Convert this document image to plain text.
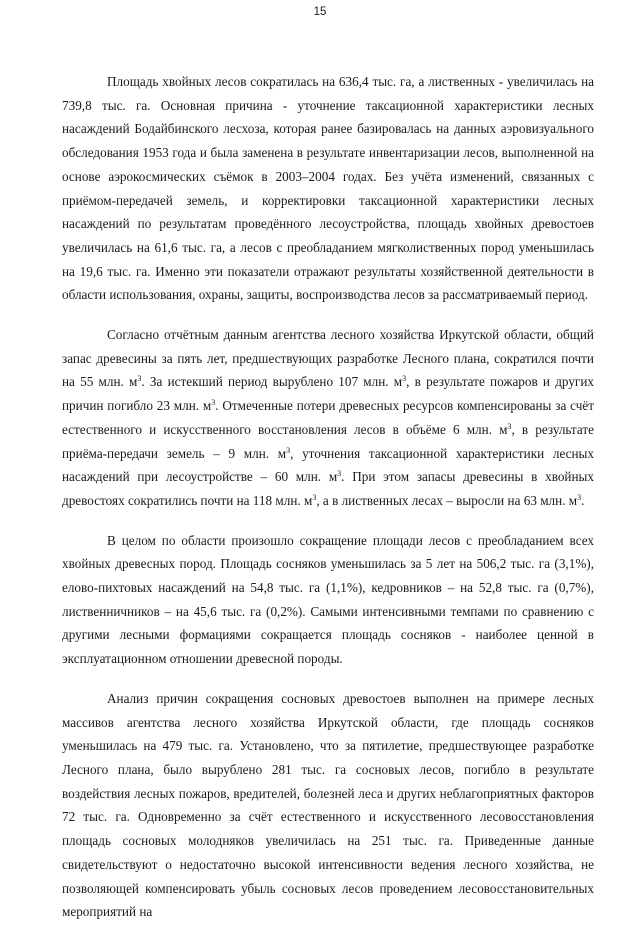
15

Площадь хвойных лесов сократилась на 636,4 тыс. га, а лиственных - увеличилась на 739,8 тыс. га. Основная причина - уточнение таксационной характеристики лесных насаждений Бодайбинского лесхоза, которая ранее базировалась на данных аэровизуального обследования 1953 года и была заменена в результате инвентаризации лесов, выполненной на основе аэрокосмических съёмок в 2003–2004 годах. Без учёта изменений, связанных с приёмом-передачей земель, и корректировки таксационной характеристики лесных насаждений по результатам проведённого лесоустройства, площадь хвойных древостоев увеличилась на 61,6 тыс. га, а лесов с преобладанием мягколиственных пород уменьшилась на 19,6 тыс. га. Именно эти показатели отражают результаты хозяйственной деятельности в области использования, охраны, защиты, воспроизводства лесов за рассматриваемый период.

Согласно отчётным данным агентства лесного хозяйства Иркутской области, общий запас древесины за пять лет, предшествующих разработке Лесного плана, сократился почти на 55 млн. $м^3$. За истекший период вырублено 107 млн. $м^3$, в результате пожаров и других причин погибло 23 млн. $м^3$. Отмеченные потери древесных ресурсов компенсированы за счёт естественного и искусственного восстановления лесов в объёме 6 млн. $м^3$, в результате приёма-передачи земель – 9 млн. $м^3$, уточнения таксационной характеристики лесных насаждений при лесоустройстве – 60 млн. $м^3$. При этом запасы древесины в хвойных древостоях сократились почти на 118 млн. $м^3$, а в лиственных лесах – выросли на 63 млн. $м^3$.

В целом по области произошло сокращение площади лесов с преобладанием всех хвойных древесных пород. Площадь сосняков уменьшилась за 5 лет на 506,2 тыс. га (3,1%), елово-пихтовых насаждений на 54,8 тыс. га (1,1%), кедровников – на 52,8 тыс. га (0,7%), лиственничников – на 45,6 тыс. га (0,2%). Самыми интенсивными темпами по сравнению с другими лесными формациями сокращается площадь сосняков - наиболее ценной в эксплуатационном отношении древесной породы.

Анализ причин сокращения сосновых древостоев выполнен на примере лесных массивов агентства лесного хозяйства Иркутской области, где площадь сосняков уменьшилась на 479 тыс. га. Установлено, что за пятилетие, предшествующее разработке Лесного плана, было вырублено 281 тыс. га сосновых лесов, погибло в результате воздействия лесных пожаров, вредителей, болезней леса и других неблагоприятных факторов 72 тыс. га. Одновременно за счёт естественного и искусственного лесовосстановления площадь сосновых молодняков увеличилась на 251 тыс. га. Приведенные данные свидетельствуют о недостаточно высокой интенсивности ведения лесного хозяйства, не позволяющей компенсировать убыль сосновых лесов проведением лесовосстановительных мероприятий на
